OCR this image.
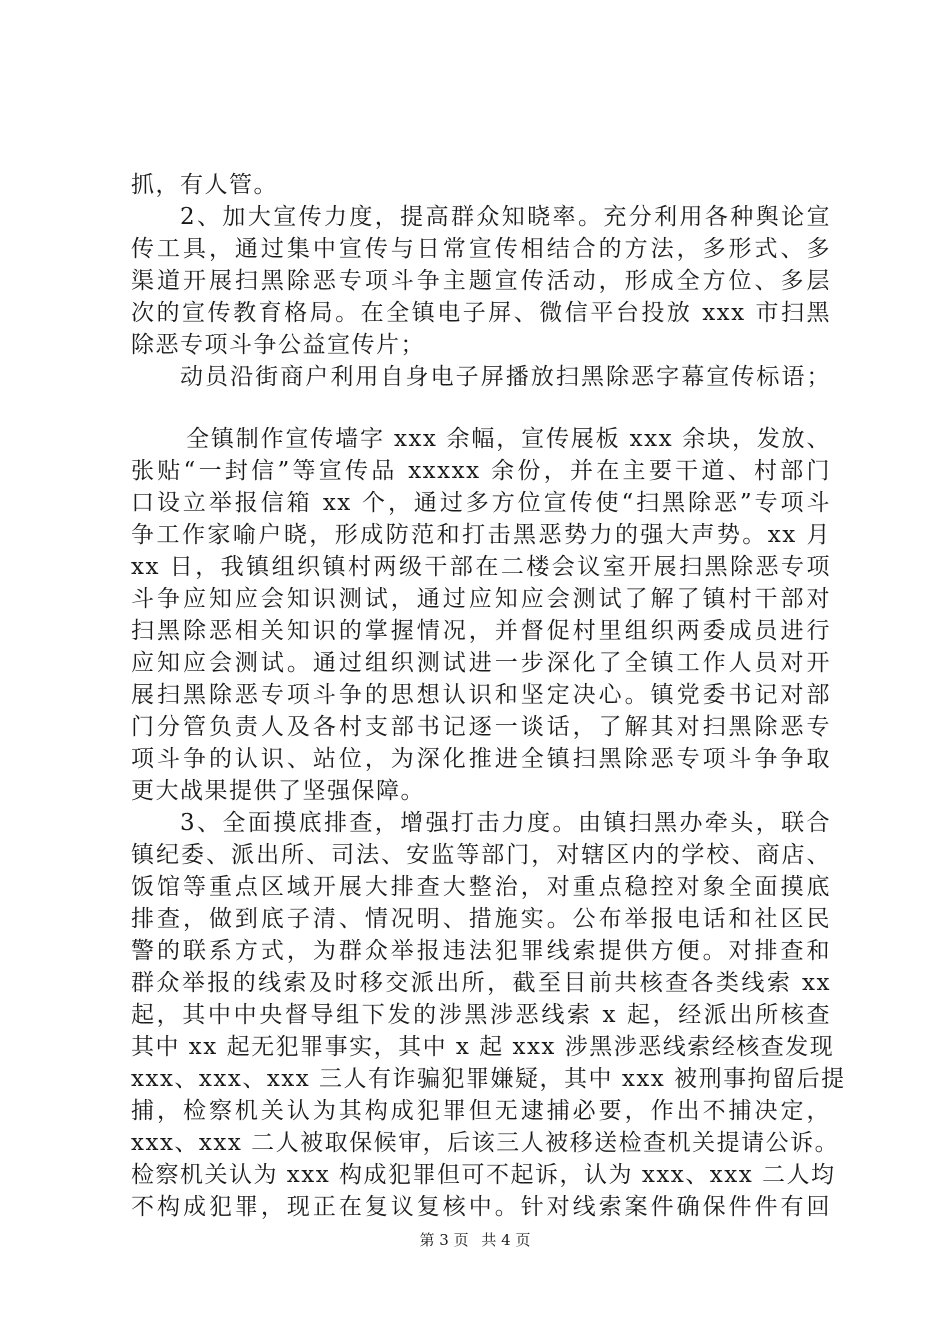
抓，有人管。
2、加大宣传力度，提高群众知晓率。充分利用各种舆论宣
传工具，通过集中宣传与日常宣传相结合的方法，多形式、多
渠道开展扫黑除恶专项斗争主题宣传活动，形成全方位、多层
次的宣传教育格局。在全镇电子屏、微信平台投放 xxx 市扫黑
除恶专项斗争公益宣传片；
动员沿街商户利用自身电子屏播放扫黑除恶字幕宣传标语；
全镇制作宣传墙字 xxx 余幅，宣传展板 xxx 余块，发放、
张贴“一封信”等宣传品 xxxxx 余份，并在主要干道、村部门
口设立举报信箱 xx 个，通过多方位宣传使“扫黑除恶”专项斗
争工作家喻户晓，形成防范和打击黑恶势力的强大声势。xx 月
xx 日，我镇组织镇村两级干部在二楼会议室开展扫黑除恶专项
斗争应知应会知识测试，通过应知应会测试了解了镇村干部对
扫黑除恶相关知识的掌握情况，并督促村里组织两委成员进行
应知应会测试。通过组织测试进一步深化了全镇工作人员对开
展扫黑除恶专项斗争的思想认识和坚定决心。镇党委书记对部
门分管负责人及各村支部书记逐一谈话，了解其对扫黑除恶专
项斗争的认识、站位，为深化推进全镇扫黑除恶专项斗争争取
更大战果提供了坚强保障。
3、全面摸底排查，增强打击力度。由镇扫黑办牵头，联合
镇纪委、派出所、司法、安监等部门，对辖区内的学校、商店、
饭馆等重点区域开展大排查大整治，对重点稳控对象全面摸底
排查，做到底子清、情况明、措施实。公布举报电话和社区民
警的联系方式，为群众举报违法犯罪线索提供方便。对排查和
群众举报的线索及时移交派出所，截至目前共核查各类线索 xx
起，其中中央督导组下发的涉黑涉恶线索 x 起，经派出所核查
其中 xx 起无犯罪事实，其中 x 起 xxx 涉黑涉恶线索经核查发现
xxx、xxx、xxx 三人有诈骗犯罪嫌疑，其中 xxx 被刑事拘留后提
捕，检察机关认为其构成犯罪但无逮捕必要，作出不捕决定，
xxx、xxx 二人被取保候审，后该三人被移送检查机关提请公诉。
检察机关认为 xxx 构成犯罪但可不起诉，认为 xxx、xxx 二人均
不构成犯罪，现正在复议复核中。针对线索案件确保件件有回
第 3 页 共 4 页
